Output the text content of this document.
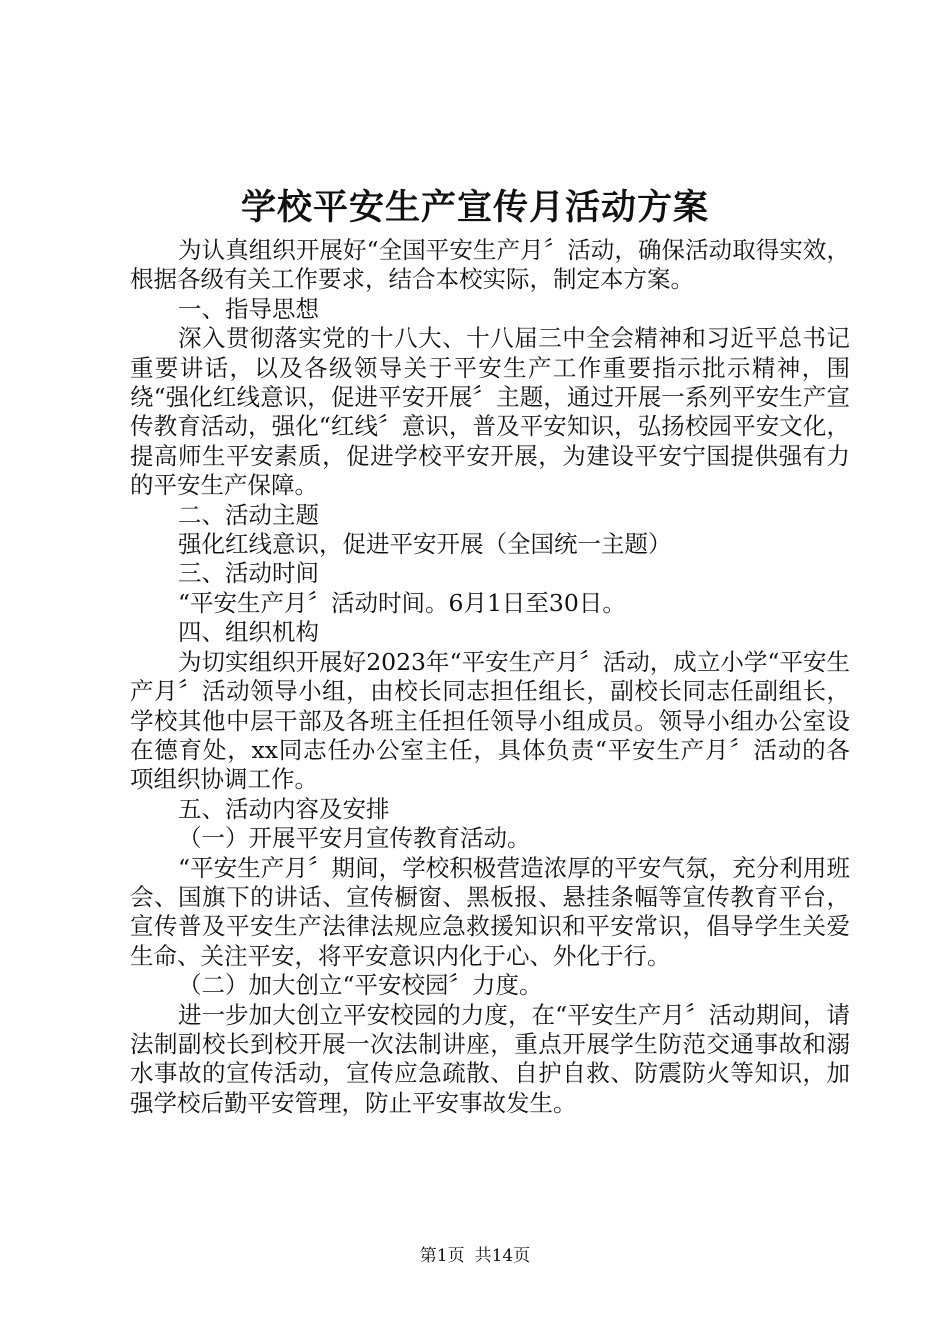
学校平安生产宣传月活动方案

为认真组织开展好“全国平安生产月〞活动，确保活动取得实效，根据各级有关工作要求，结合本校实际，制定本方案。

一、指导思想

深入贯彻落实党的十八大、十八届三中全会精神和习近平总书记重要讲话，以及各级领导关于平安生产工作重要指示批示精神，围绕“强化红线意识，促进平安开展〞主题，通过开展一系列平安生产宣传教育活动，强化“红线〞意识，普及平安知识，弘扬校园平安文化，提高师生平安素质，促进学校平安开展，为建设平安宁国提供强有力的平安生产保障。

二、活动主题

强化红线意识，促进平安开展（全国统一主题）

三、活动时间

“平安生产月〞活动时间。6月1日至30日。

四、组织机构

为切实组织开展好2023年“平安生产月〞活动，成立小学“平安生产月〞活动领导小组，由校长同志担任组长，副校长同志任副组长，学校其他中层干部及各班主任担任领导小组成员。领导小组办公室设在德育处，xx同志任办公室主任，具体负责“平安生产月〞活动的各项组织协调工作。

五、活动内容及安排

（一）开展平安月宣传教育活动。

“平安生产月〞期间，学校积极营造浓厚的平安气氛，充分利用班会、国旗下的讲话、宣传橱窗、黑板报、悬挂条幅等宣传教育平台，宣传普及平安生产法律法规应急救援知识和平安常识，倡导学生关爱生命、关注平安，将平安意识内化于心、外化于行。

（二）加大创立“平安校园〞力度。

进一步加大创立平安校园的力度，在“平安生产月〞活动期间，请法制副校长到校开展一次法制讲座，重点开展学生防范交通事故和溺水事故的宣传活动，宣传应急疏散、自护自救、防震防火等知识，加强学校后勤平安管理，防止平安事故发生。

第1页 共14页
